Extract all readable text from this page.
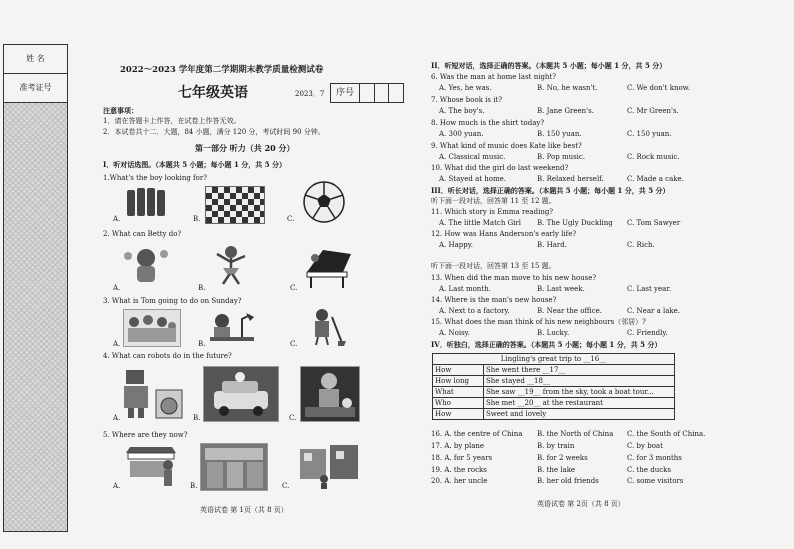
姓 名
准考证号
2022～2023 学年度第二学期期末教学质量检测试卷
七年级英语	2023．7	序号
注意事项：
1．请在答题卡上作答，在试卷上作答无效。
2．本试卷共十二．大题，84 小题，满分 120 分，考试时间 90 分钟。
第一部分 听力（共 20 分）
I．听对话选图。（本题共 5 小题；每小题 1 分，共 5 分）
1.What's the boy looking for?
A.	B.	C.
2. What can Betty do?
A.	B.	C.
3. What is Tom going to do on Sunday?
A.	B.	C.
4. What can robots do in the future?
A.	B.	C.
5. Where are they now?
A.	B.	C.
英语试卷 第 1页（共 8 页）
II．听短对话，选择正确的答案。（本题共 5 小题；每小题 1 分，共 5 分）
6. Was the man at home last night?
A. Yes, he was.	B. No, he wasn't.	C. We don't know.
7. Whose book is it?
A. The boy's.	B. Jane Green's.	C. Mr Green's.
8. How much is the shirt today?
A. 300 yuan.	B. 150 yuan.	C. 150 yuan.
9. What kind of music does Kate like best?
A. Classical music.	B. Pop music.	C. Rock music.
10. What did the girl do last weekend?
A. Stayed at home.	B. Relaxed herself.	C. Made a cake.
III．听长对话，选择正确的答案。（本题共 5 小题；每小题 1 分，共 5 分）
听下面一段对话，回答第 11 至 12 题。
11. Which story is Emma reading?
A. The little Match Girl B. The Ugly Duckling C. Tom Sawyer
12. How was Hans Anderson's early life?
A. Happy.	B. Hard.	C. Rich.
听下面一段对话，回答第 13 至 15 题。
13. When did the man move to his new house?
A. Last month.	B. Last week.	C. Last year.
14. Where is the man's new house?
A. Next to a factory.	B. Near the office.	C. Near a lake.
15. What does the man think of his new neighbours（邻居）?
A. Noisy.	B. Lucky.	C. Friendly.
IV．听独白，选择正确的答案。（本题共 5 小题；每小题 1 分，共 5 分）
Lingling's great trip to __16__	
How	She went there __17__
How long	She stayed __18__
What	She saw __19__ from the sky, took a boat tour...
Who	She met __20__ at the restaurant
How	Sweet and lovely
16. A. the centre of China B. the North of China C. the South of China.
17. A. by plane	B. by train	C. by boat
18. A. for 5 years	B. for 2 weeks	C. for 3 months
19. A. the rocks	B. the lake	C. the ducks
20. A. her uncle	B. her old friends	C. some visitors
英语试卷 第 2页（共 8 页）
